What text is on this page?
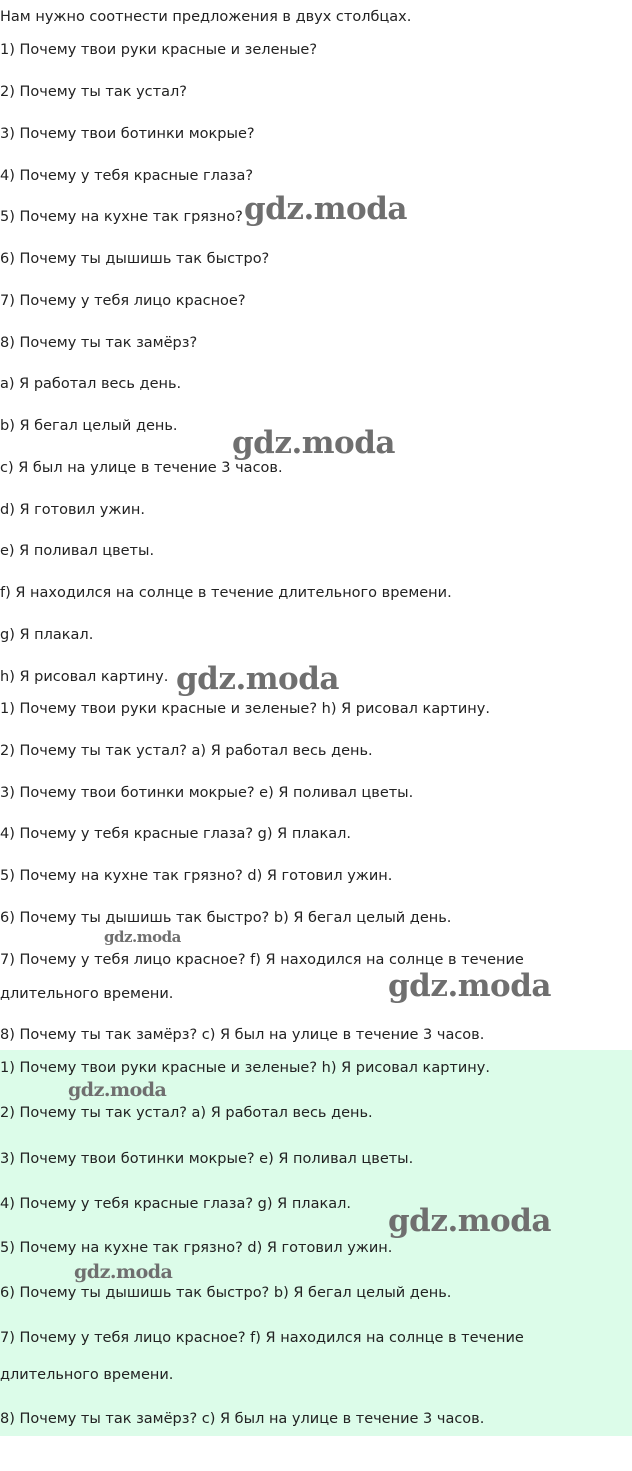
Нам нужно соотнести предложения в двух столбцах.

1) Почему твои руки красные и зеленые?

2) Почему ты так устал?

3) Почему твои ботинки мокрые?

4) Почему у тебя красные глаза?

5) Почему на кухне так грязно?

6) Почему ты дышишь так быстро?

7) Почему у тебя лицо красное?

8) Почему ты так замёрз?

a) Я работал весь день.

b) Я бегал целый день.

c) Я был на улице в течение 3 часов.

d) Я готовил ужин.

e) Я поливал цветы.

f) Я находился на солнце в течение длительного времени.

g) Я плакал.

h) Я рисовал картину.

1) Почему твои руки красные и зеленые? h) Я рисовал картину.

2) Почему ты так устал? a) Я работал весь день.

3) Почему твои ботинки мокрые? e) Я поливал цветы.

4) Почему у тебя красные глаза? g) Я плакал.

5) Почему на кухне так грязно? d) Я готовил ужин.

6) Почему ты дышишь так быстро? b) Я бегал целый день.

7) Почему у тебя лицо красное? f) Я находился на солнце в течение

длительного времени.

8) Почему ты так замёрз? c) Я был на улице в течение 3 часов.

1) Почему твои руки красные и зеленые? h) Я рисовал картину.

2) Почему ты так устал? a) Я работал весь день.

3) Почему твои ботинки мокрые? e) Я поливал цветы.

4) Почему у тебя красные глаза? g) Я плакал.

5) Почему на кухне так грязно? d) Я готовил ужин.

6) Почему ты дышишь так быстро? b) Я бегал целый день.

7) Почему у тебя лицо красное? f) Я находился на солнце в течение

длительного времени.

8) Почему ты так замёрз? c) Я был на улице в течение 3 часов.

gdz.moda
gdz.moda
gdz.moda
gdz.moda
gdz.moda
gdz.moda
gdz.moda
gdz.moda
